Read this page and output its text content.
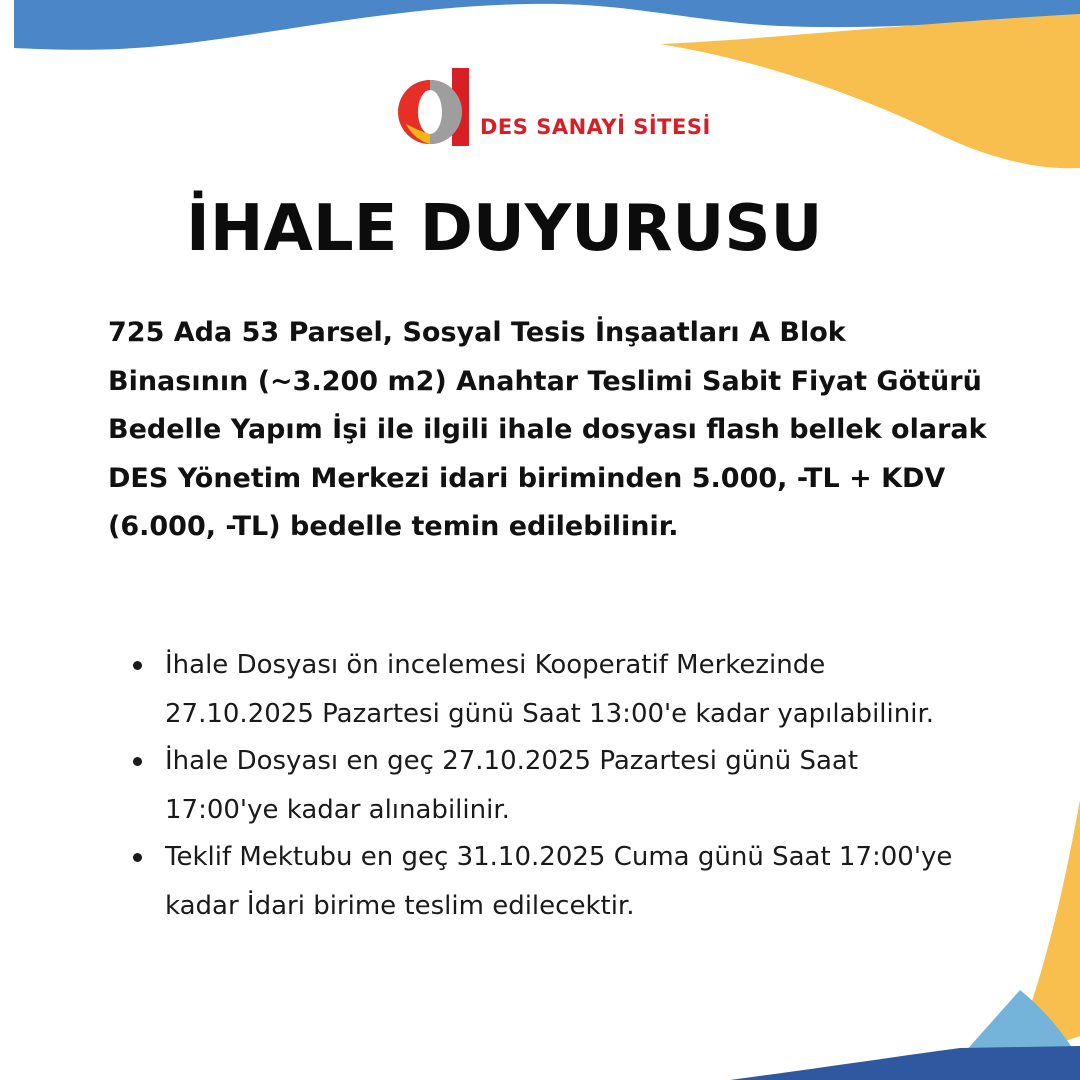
DES SANAYİ SİTESİ
İHALE DUYURUSU

725 Ada 53 Parsel, Sosyal Tesis İnşaatları A Blok Binasının (~3.200 m2) Anahtar Teslimi Sabit Fiyat Götürü Bedelle Yapım İşi ile ilgili ihale dosyası flash bellek olarak DES Yönetim Merkezi idari biriminden 5.000, -TL + KDV (6.000, -TL) bedelle temin edilebilinir.

İhale Dosyası ön incelemesi Kooperatif Merkezinde 27.10.2025 Pazartesi günü Saat 13:00'e kadar yapılabilinir.
İhale Dosyası en geç 27.10.2025 Pazartesi günü Saat 17:00'ye kadar alınabilinir.
Teklif Mektubu en geç 31.10.2025 Cuma günü Saat 17:00'ye kadar İdari birime teslim edilecektir.
